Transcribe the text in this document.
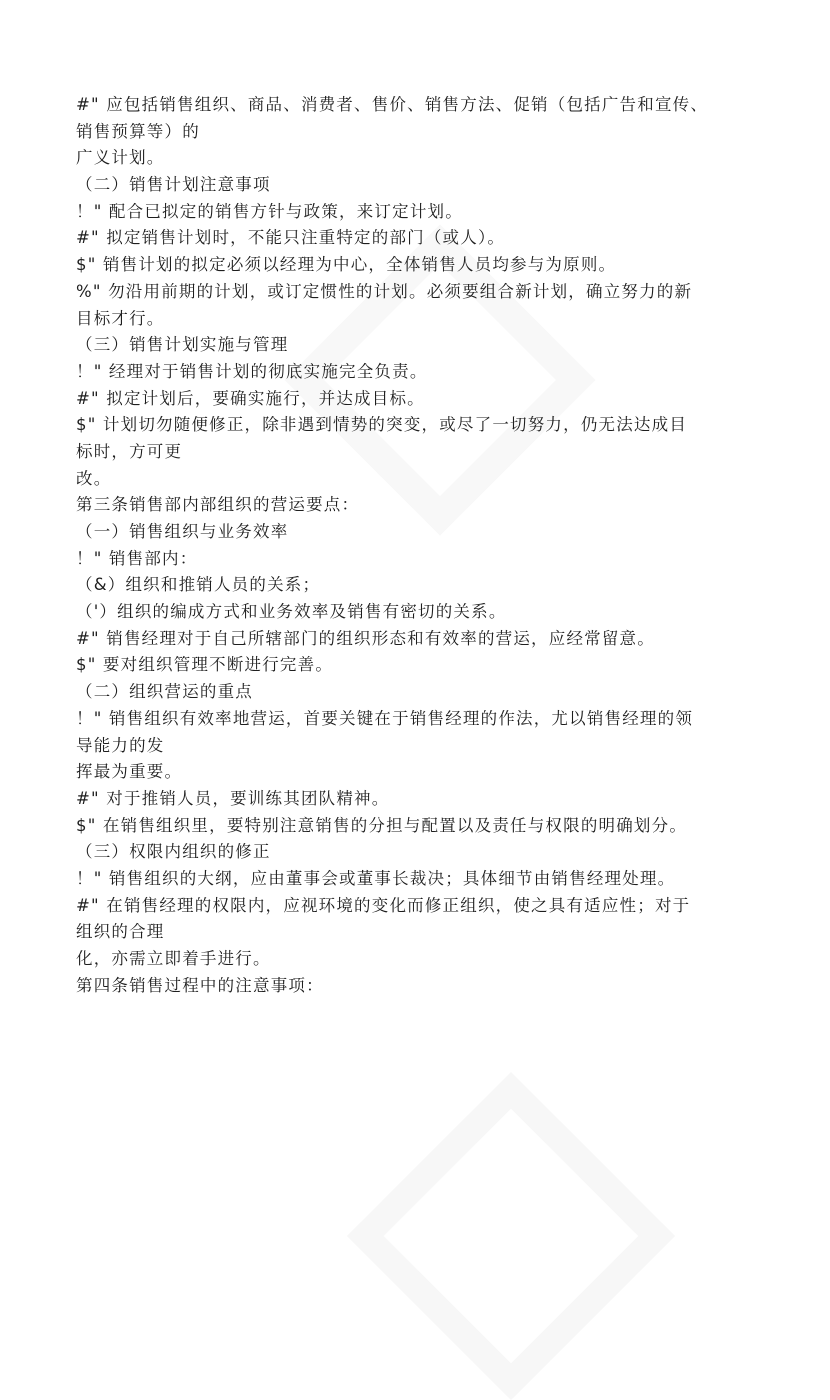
#" 应包括销售组织、商品、消费者、售价、销售方法、促销（包括广告和宣传、
销售预算等）的
广义计划。
（二）销售计划注意事项
！" 配合已拟定的销售方针与政策，来订定计划。
#" 拟定销售计划时，不能只注重特定的部门（或人）。
$" 销售计划的拟定必须以经理为中心，全体销售人员均参与为原则。
%" 勿沿用前期的计划，或订定惯性的计划。必须要组合新计划，确立努力的新
目标才行。
（三）销售计划实施与管理
！" 经理对于销售计划的彻底实施完全负责。
#" 拟定计划后，要确实施行，并达成目标。
$" 计划切勿随便修正，除非遇到情势的突变，或尽了一切努力，仍无法达成目
标时，方可更
改。
第三条销售部内部组织的营运要点：
（一）销售组织与业务效率
！" 销售部内：
（&）组织和推销人员的关系；
（'）组织的编成方式和业务效率及销售有密切的关系。
#" 销售经理对于自己所辖部门的组织形态和有效率的营运，应经常留意。
$" 要对组织管理不断进行完善。
（二）组织营运的重点
！" 销售组织有效率地营运，首要关键在于销售经理的作法，尤以销售经理的领
导能力的发
挥最为重要。
#" 对于推销人员，要训练其团队精神。
$" 在销售组织里，要特别注意销售的分担与配置以及责任与权限的明确划分。
（三）权限内组织的修正
！" 销售组织的大纲，应由董事会或董事长裁决；具体细节由销售经理处理。
#" 在销售经理的权限内，应视环境的变化而修正组织，使之具有适应性；对于
组织的合理
化，亦需立即着手进行。
第四条销售过程中的注意事项：
